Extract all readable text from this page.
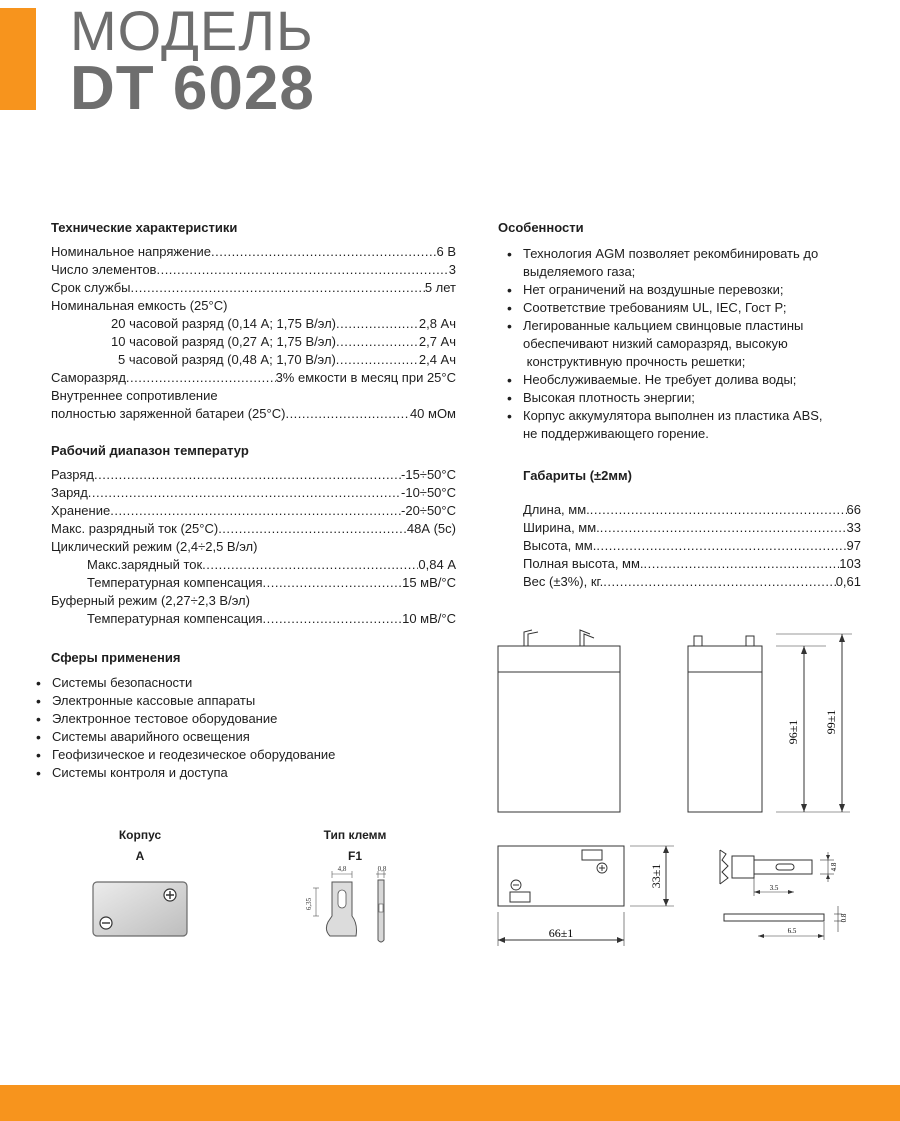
МОДЕЛЬ
DT 6028
Технические характеристики
Номинальное напряжение .....	6 В
Число элементов .....	3
Срок службы .....	5 лет
Номинальная емкость (25°С)
20 часовой разряд (0,14 А; 1,75 В/эл) .....	2,8 Ач
10 часовой разряд (0,27 А; 1,75 В/эл) .....	2,7 Ач
5 часовой разряд (0,48 А; 1,70 В/эл) .....	2,4 Ач
Саморазряд .....	3% емкости в месяц при 25°С
Внутреннее сопротивление
полностью заряженной батареи (25°С) .....	40 мОм
Рабочий диапазон температур
Разряд .....	-15÷50°С
Заряд .....	-10÷50°С
Хранение .....	-20÷50°С
Макс. разрядный ток (25°С) .....	48А (5с)
Циклический режим (2,4÷2,5 В/эл)
Макс.зарядный ток .....	0,84 А
Температурная компенсация .....	15 мВ/°С
Буферный режим (2,27÷2,3 В/эл)
Температурная компенсация .....	10 мВ/°С
Сферы применения
• Системы безопасности
• Электронные кассовые аппараты
• Электронное тестовое оборудование
• Системы аварийного освещения
• Геофизическое и геодезическое оборудование
• Системы контроля и доступа
Особенности
• Технология AGM позволяет рекомбинировать до
выделяемого газа;
• Нет ограничений на воздушные перевозки;
• Соответствие требованиям UL, IEC, Гост Р;
• Легированные кальцием свинцовые пластины
обеспечивают низкий саморазряд, высокую
конструктивную прочность решетки;
• Необслуживаемые. Не требует долива воды;
• Высокая плотность энергии;
• Корпус аккумулятора выполнен из пластика ABS,
не поддерживающего горение.
Габариты (±2мм)
Длина, мм. .....	66
Ширина, мм. .....	33
Высота, мм. .....	97
Полная высота, мм. .....	103
Вес (±3%), кг. .....	0,61
Корпус
А
Тип клемм
F1
4,8	0,8
6,35
96±1 99±1
33±1
66±1
3.5
4.8
6.5
0.8
